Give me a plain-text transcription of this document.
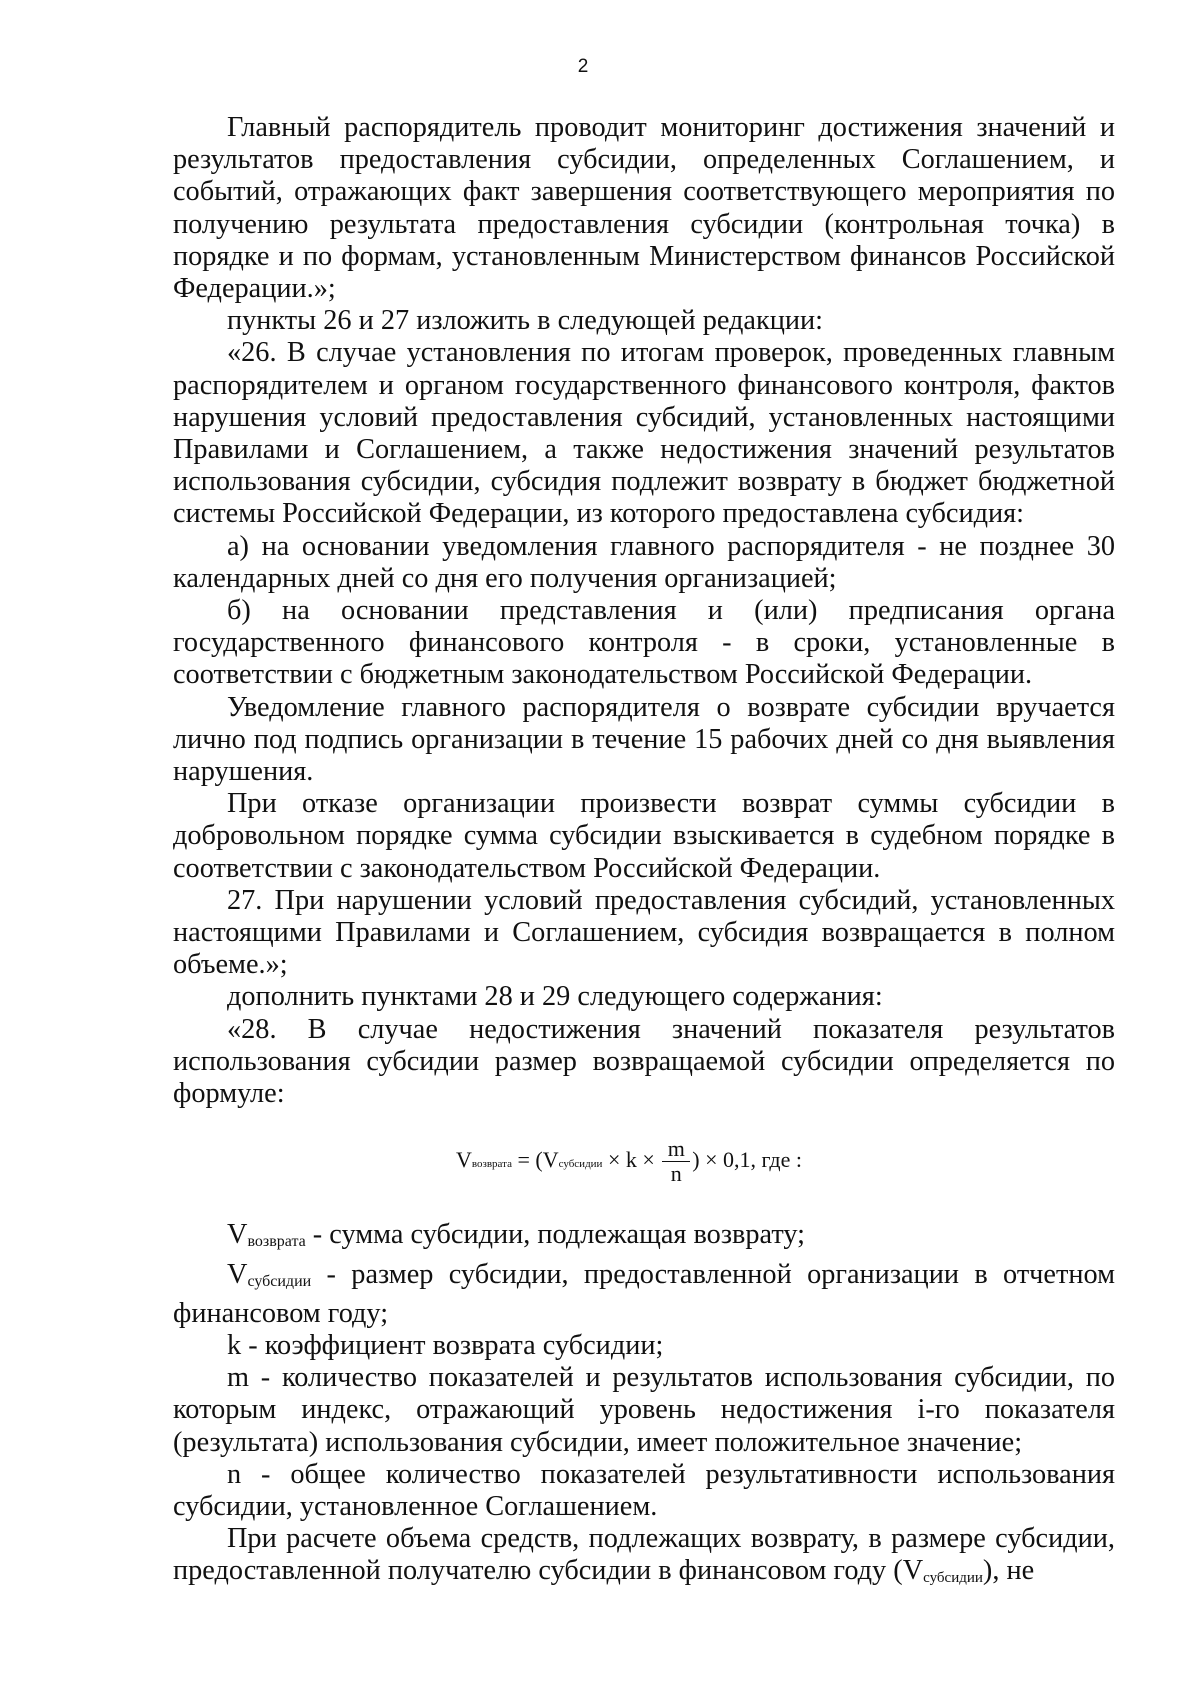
2

Главный распорядитель проводит мониторинг достижения значений и результатов предоставления субсидии, определенных Соглашением, и событий, отражающих факт завершения соответствующего мероприятия по получению результата предоставления субсидии (контрольная точка) в порядке и по формам, установленным Министерством финансов Российской Федерации.»;

пункты 26 и 27 изложить в следующей редакции:

«26. В случае установления по итогам проверок, проведенных главным распорядителем и органом государственного финансового контроля, фактов нарушения условий предоставления субсидий, установленных настоящими Правилами и Соглашением, а также недостижения значений результатов использования субсидии, субсидия подлежит возврату в бюджет бюджетной системы Российской Федерации, из которого предоставлена субсидия:

а) на основании уведомления главного распорядителя - не позднее 30 календарных дней со дня его получения организацией;

б) на основании представления и (или) предписания органа государственного финансового контроля - в сроки, установленные в соответствии с бюджетным законодательством Российской Федерации.

Уведомление главного распорядителя о возврате субсидии вручается лично под подпись организации в течение 15 рабочих дней со дня выявления нарушения.

При отказе организации произвести возврат суммы субсидии в добровольном порядке сумма субсидии взыскивается в судебном порядке в соответствии с законодательством Российской Федерации.

27. При нарушении условий предоставления субсидий, установленных настоящими Правилами и Соглашением, субсидия возвращается в полном объеме.»;

дополнить пунктами 28 и 29 следующего содержания:

«28. В случае недостижения значений показателя результатов использования субсидии размер возвращаемой субсидии определяется по формуле:

Vвозврата = (Vсубсидии × $k \times \frac{m}{n}$ ) × 0,1, где :

Vвозврата - сумма субсидии, подлежащая возврату;

Vсубсидии - размер субсидии, предоставленной организации в отчетном финансовом году;

k - коэффициент возврата субсидии;

m - количество показателей и результатов использования субсидии, по которым индекс, отражающий уровень недостижения i-го показателя (результата) использования субсидии, имеет положительное значение;

n - общее количество показателей результативности использования субсидии, установленное Соглашением.

При расчете объема средств, подлежащих возврату, в размере субсидии, предоставленной получателю субсидии в финансовом году (Vсубсидии), не
